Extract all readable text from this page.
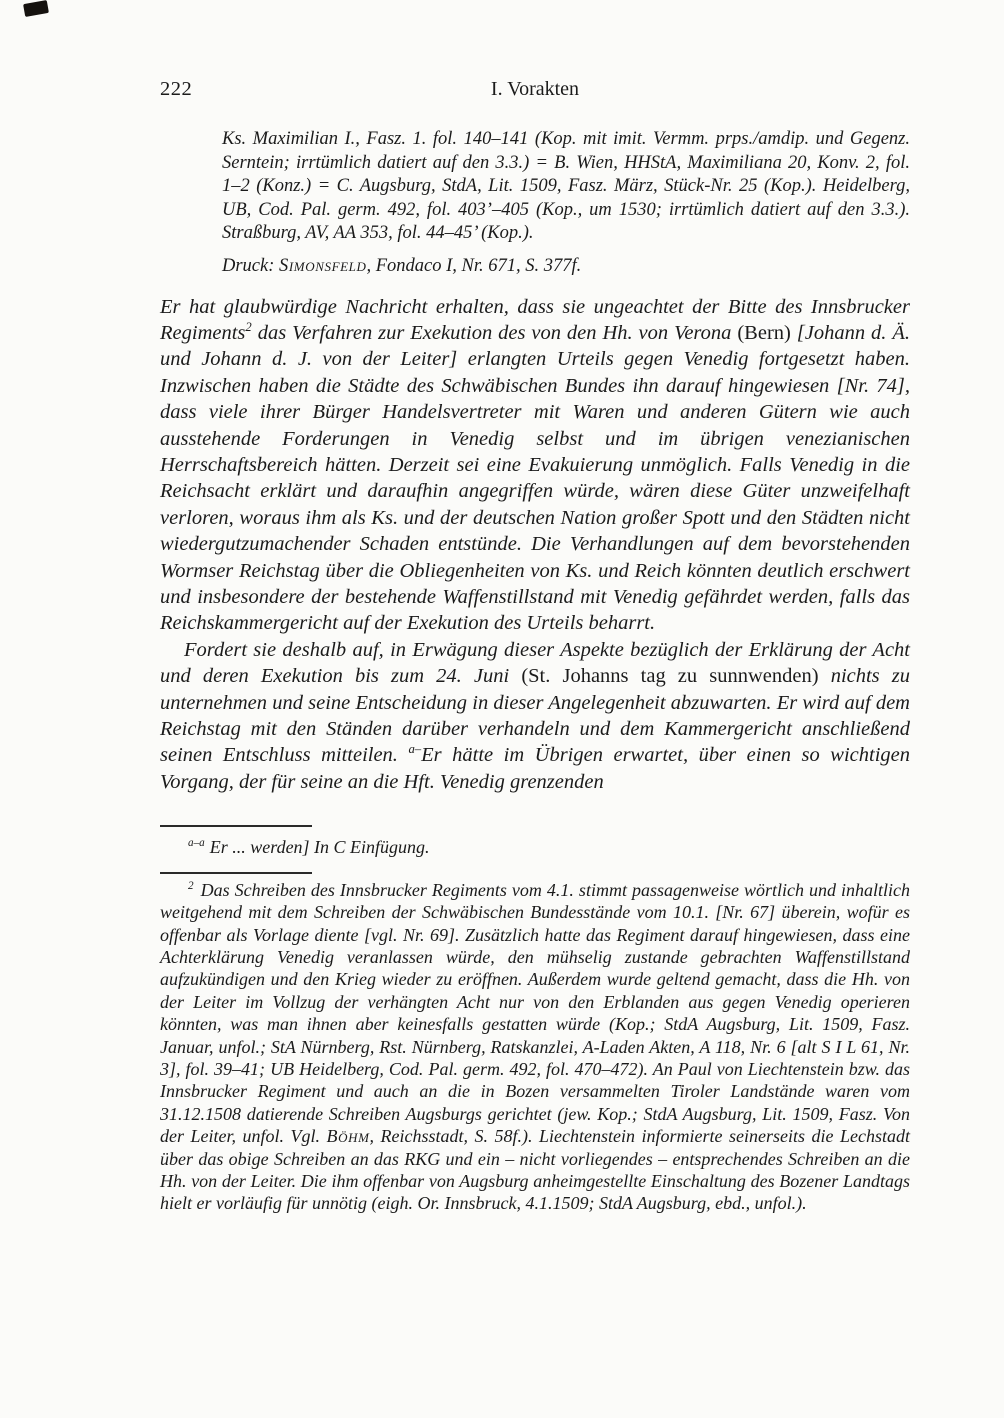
222	I. Vorakten

Ks. Maximilian I., Fasz. 1. fol. 140–141 (Kop. mit imit. Vermm. prps./amdip. und Gegenz. Serntein; irrtümlich datiert auf den 3.3.) = B. Wien, HHStA, Maximiliana 20, Konv. 2, fol. 1–2 (Konz.) = C. Augsburg, StdA, Lit. 1509, Fasz. März, Stück-Nr. 25 (Kop.). Heidelberg, UB, Cod. Pal. germ. 492, fol. 403’–405 (Kop., um 1530; irrtümlich datiert auf den 3.3.). Straßburg, AV, AA 353, fol. 44–45’ (Kop.).

Druck: Simonsfeld, Fondaco I, Nr. 671, S. 377f.

Er hat glaubwürdige Nachricht erhalten, dass sie ungeachtet der Bitte des Innsbrucker Regiments$^2$ das Verfahren zur Exekution des von den Hh. von Verona (Bern) [Johann d. Ä. und Johann d. J. von der Leiter] erlangten Urteils gegen Venedig fortgesetzt haben. Inzwischen haben die Städte des Schwäbischen Bundes ihn darauf hingewiesen [Nr. 74], dass viele ihrer Bürger Handelsvertreter mit Waren und anderen Gütern wie auch ausstehende Forderungen in Venedig selbst und im übrigen venezianischen Herrschaftsbereich hätten. Derzeit sei eine Evakuierung unmöglich. Falls Venedig in die Reichsacht erklärt und daraufhin angegriffen würde, wären diese Güter unzweifelhaft verloren, woraus ihm als Ks. und der deutschen Nation großer Spott und den Städten nicht wiedergutzumachender Schaden entstünde. Die Verhandlungen auf dem bevorstehenden Wormser Reichstag über die Obliegenheiten von Ks. und Reich könnten deutlich erschwert und insbesondere der bestehende Waffenstillstand mit Venedig gefährdet werden, falls das Reichskammergericht auf der Exekution des Urteils beharrt.

Fordert sie deshalb auf, in Erwägung dieser Aspekte bezüglich der Erklärung der Acht und deren Exekution bis zum 24. Juni (St. Johanns tag zu sunnwenden) nichts zu unternehmen und seine Entscheidung in dieser Angelegenheit abzuwarten. Er wird auf dem Reichstag mit den Ständen darüber verhandeln und dem Kammergericht anschließend seinen Entschluss mitteilen. $^{a-}$Er hätte im Übrigen erwartet, über einen so wichtigen Vorgang, der für seine an die Hft. Venedig grenzenden

$^{a-a}$ Er ... werden] In C Einfügung.

$^2$ Das Schreiben des Innsbrucker Regiments vom 4.1. stimmt passagenweise wörtlich und inhaltlich weitgehend mit dem Schreiben der Schwäbischen Bundesstände vom 10.1. [Nr. 67] überein, wofür es offenbar als Vorlage diente [vgl. Nr. 69]. Zusätzlich hatte das Regiment darauf hingewiesen, dass eine Achterklärung Venedig veranlassen würde, den mühselig zustande gebrachten Waffenstillstand aufzukündigen und den Krieg wieder zu eröffnen. Außerdem wurde geltend gemacht, dass die Hh. von der Leiter im Vollzug der verhängten Acht nur von den Erblanden aus gegen Venedig operieren könnten, was man ihnen aber keinesfalls gestatten würde (Kop.; StdA Augsburg, Lit. 1509, Fasz. Januar, unfol.; StA Nürnberg, Rst. Nürnberg, Ratskanzlei, A-Laden Akten, A 118, Nr. 6 [alt S I L 61, Nr. 3], fol. 39–41; UB Heidelberg, Cod. Pal. germ. 492, fol. 470–472). An Paul von Liechtenstein bzw. das Innsbrucker Regiment und auch an die in Bozen versammelten Tiroler Landstände waren vom 31.12.1508 datierende Schreiben Augsburgs gerichtet (jew. Kop.; StdA Augsburg, Lit. 1509, Fasz. Von der Leiter, unfol. Vgl. Böhm, Reichsstadt, S. 58f.). Liechtenstein informierte seinerseits die Lechstadt über das obige Schreiben an das RKG und ein – nicht vorliegendes – entsprechendes Schreiben an die Hh. von der Leiter. Die ihm offenbar von Augsburg anheimgestellte Einschaltung des Bozener Landtags hielt er vorläufig für unnötig (eigh. Or. Innsbruck, 4.1.1509; StdA Augsburg, ebd., unfol.).
